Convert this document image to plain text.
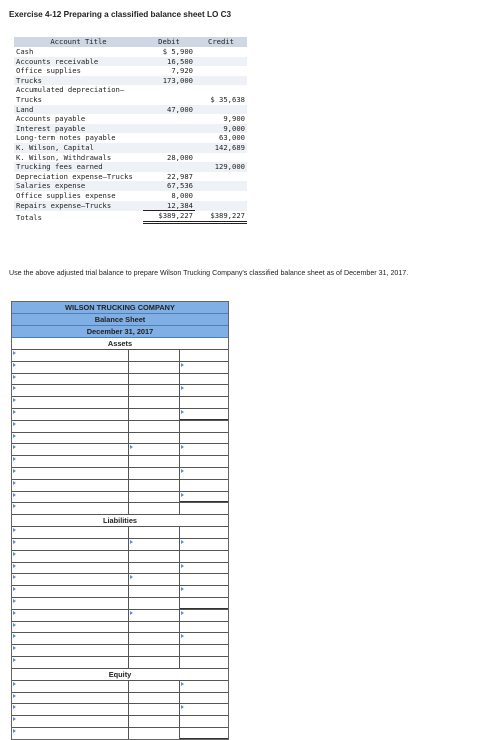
Exercise 4-12 Preparing a classified balance sheet LO C3
Account Title	Debit	Credit
Cash	$ 5,900	
Accounts receivable	16,500	
Office supplies	7,920	
Trucks	173,000	
Accumulated depreciation—Trucks		$ 35,638
Land	47,000	
Accounts payable		9,900
Interest payable		9,000
Long-term notes payable		63,000
K. Wilson, Capital		142,689
K. Wilson, Withdrawals	28,000	
Trucking fees earned		129,000
Depreciation expense—Trucks	22,987	
Salaries expense	67,536	
Office supplies expense	8,000	
Repairs expense—Trucks	12,384	
Totals	$389,227	$389,227
Use the above adjusted trial balance to prepare Wilson Trucking Company's classified balance sheet as of December 31, 2017.
WILSON TRUCKING COMPANY
Balance Sheet
December 31, 2017
Assets
Liabilities
Equity
